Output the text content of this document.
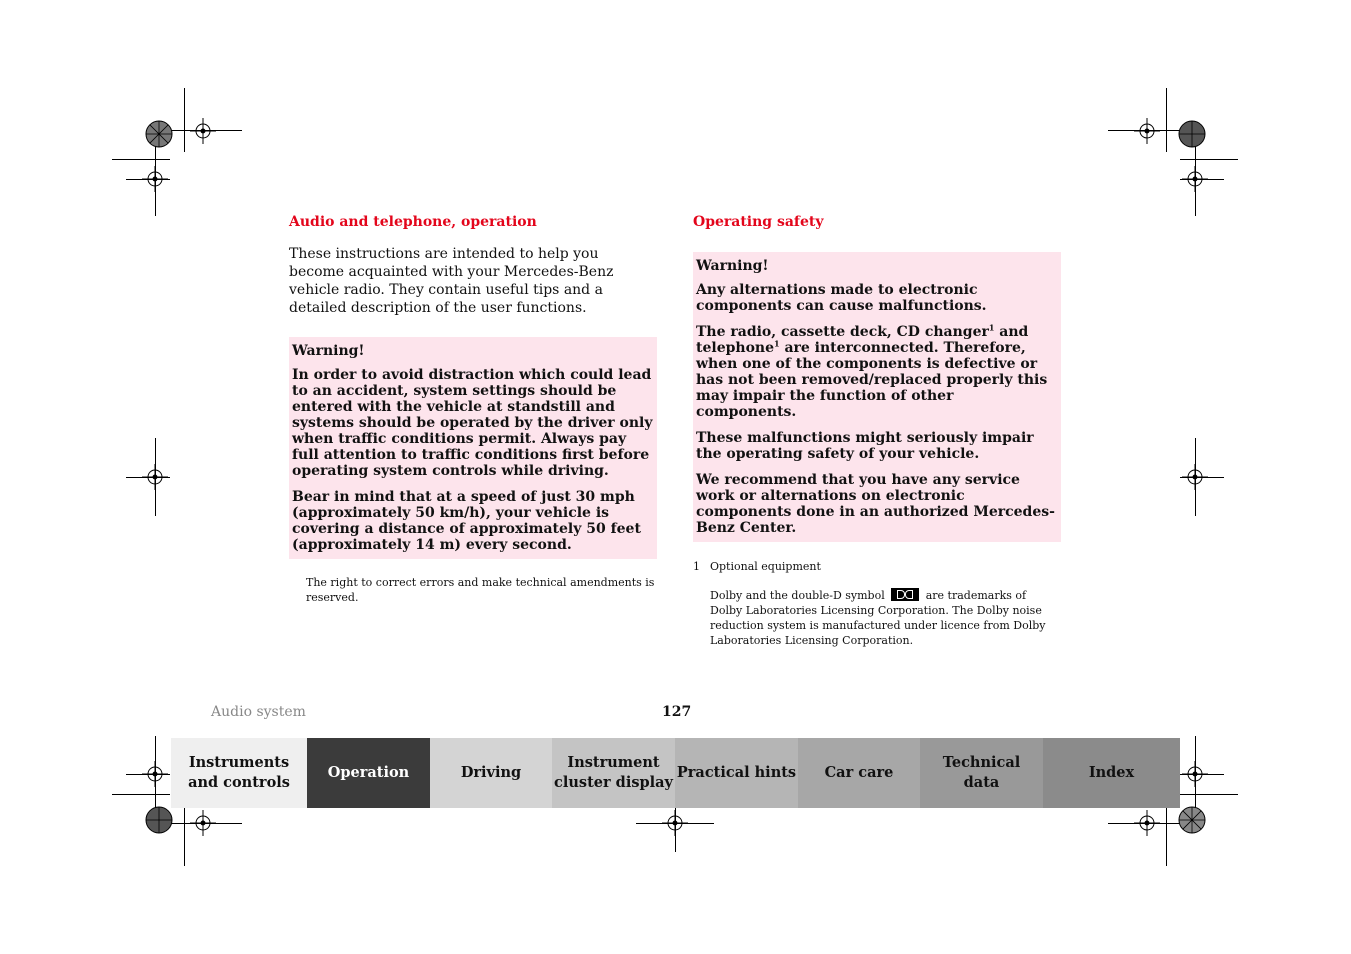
Audio and telephone, operation

These instructions are intended to help you become acquainted with your Mercedes-Benz vehicle radio. They contain useful tips and a detailed description of the user functions.

Warning!

In order to avoid distraction which could lead to an accident, system settings should be entered with the vehicle at standstill and systems should be operated by the driver only when traffic conditions permit. Always pay full attention to traffic conditions first before operating system controls while driving.

Bear in mind that at a speed of just 30 mph (approximately 50 km/h), your vehicle is covering a distance of approximately 50 feet (approximately 14 m) every second.

The right to correct errors and make technical amendments is reserved.

Operating safety

Warning!

Any alternations made to electronic components can cause malfunctions.

The radio, cassette deck, CD changer$^1$ and telephone$^1$ are interconnected. Therefore, when one of the components is defective or has not been removed/replaced properly this may impair the function of other components.

These malfunctions might seriously impair the operating safety of your vehicle.

We recommend that you have any service work or alternations on electronic components done in an authorized Mercedes-Benz Center.

1 Optional equipment

Dolby and the double-D symbol	are trademarks of Dolby Laboratories Licensing Corporation. The Dolby noise reduction system is manufactured under licence from Dolby Laboratories Licensing Corporation.

Audio system	127
Instruments
and controls
Operation	Driving
Instrument
cluster display
Practical hints Car care
Technical
data
Index
